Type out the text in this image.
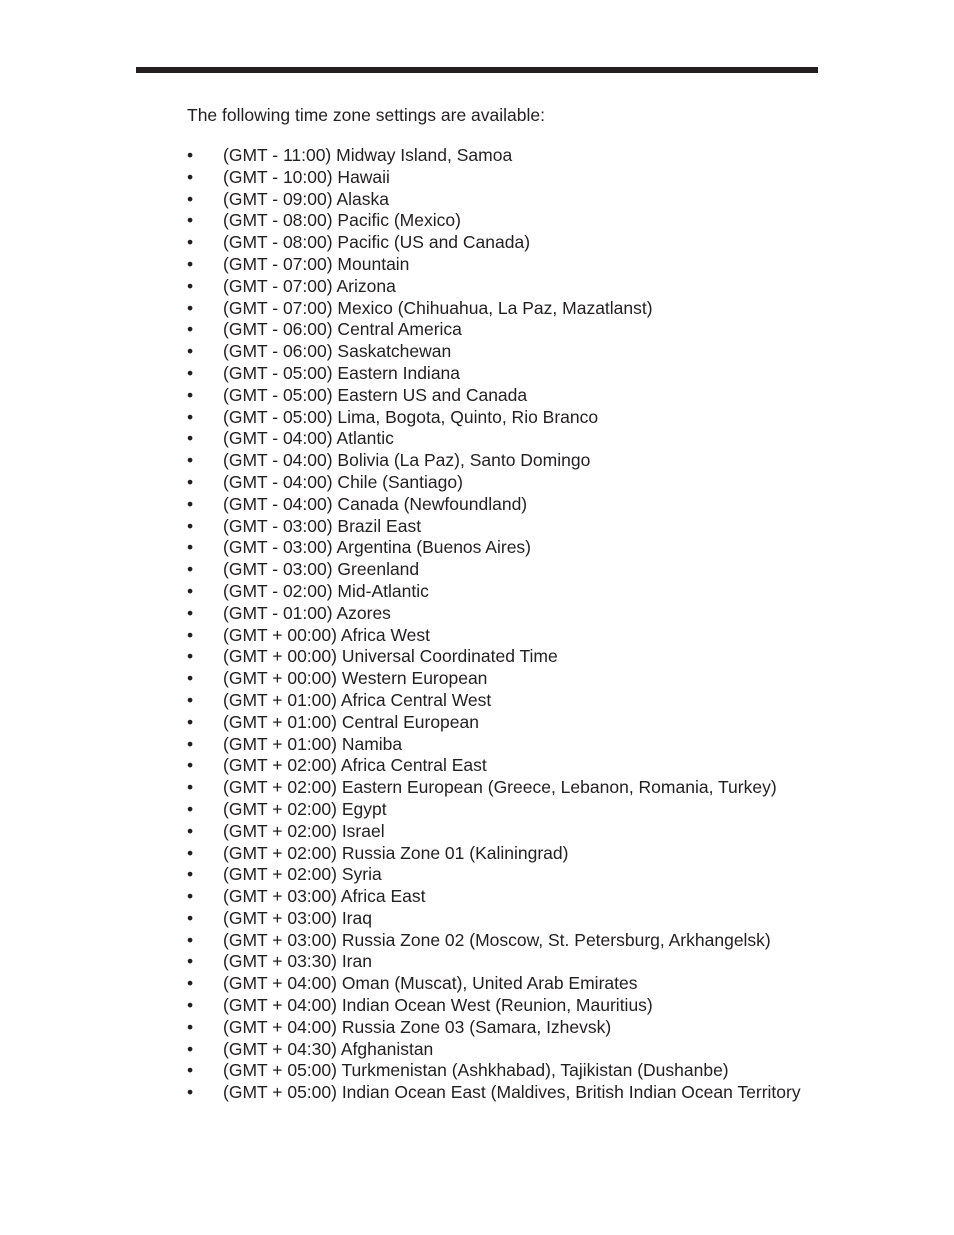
The following time zone settings are available:

•	(GMT - 11:00) Midway Island, Samoa
•	(GMT - 10:00) Hawaii
•	(GMT - 09:00) Alaska
•	(GMT - 08:00) Pacific (Mexico)
•	(GMT - 08:00) Pacific (US and Canada)
•	(GMT - 07:00) Mountain
•	(GMT - 07:00) Arizona
•	(GMT - 07:00) Mexico (Chihuahua, La Paz, Mazatlanst)
•	(GMT - 06:00) Central America
•	(GMT - 06:00) Saskatchewan
•	(GMT - 05:00) Eastern Indiana
•	(GMT - 05:00) Eastern US and Canada
•	(GMT - 05:00) Lima, Bogota, Quinto, Rio Branco
•	(GMT - 04:00) Atlantic
•	(GMT - 04:00) Bolivia (La Paz), Santo Domingo
•	(GMT - 04:00) Chile (Santiago)
•	(GMT - 04:00) Canada (Newfoundland)
•	(GMT - 03:00) Brazil East
•	(GMT - 03:00) Argentina (Buenos Aires)
•	(GMT - 03:00) Greenland
•	(GMT - 02:00) Mid-Atlantic
•	(GMT - 01:00) Azores
•	(GMT + 00:00) Africa West
•	(GMT + 00:00) Universal Coordinated Time
•	(GMT + 00:00) Western European
•	(GMT + 01:00) Africa Central West
•	(GMT + 01:00) Central European
•	(GMT + 01:00) Namiba
•	(GMT + 02:00) Africa Central East
•	(GMT + 02:00) Eastern European (Greece, Lebanon, Romania, Turkey)
•	(GMT + 02:00) Egypt
•	(GMT + 02:00) Israel
•	(GMT + 02:00) Russia Zone 01 (Kaliningrad)
•	(GMT + 02:00) Syria
•	(GMT + 03:00) Africa East
•	(GMT + 03:00) Iraq
•	(GMT + 03:00) Russia Zone 02 (Moscow, St. Petersburg, Arkhangelsk)
•	(GMT + 03:30) Iran
•	(GMT + 04:00) Oman (Muscat), United Arab Emirates
•	(GMT + 04:00) Indian Ocean West (Reunion, Mauritius)
•	(GMT + 04:00) Russia Zone 03 (Samara, Izhevsk)
•	(GMT + 04:30) Afghanistan
•	(GMT + 05:00) Turkmenistan (Ashkhabad), Tajikistan (Dushanbe)
•	(GMT + 05:00) Indian Ocean East (Maldives, British Indian Ocean Territory
